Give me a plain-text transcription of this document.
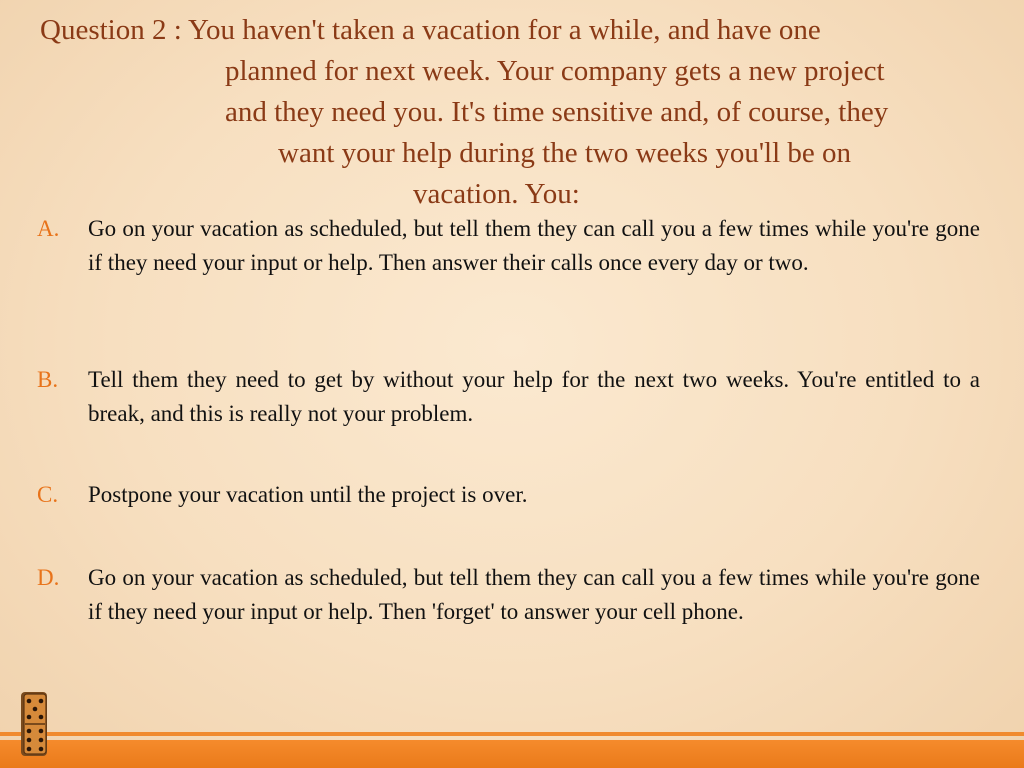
Question 2 : You haven't taken a vacation for a while, and have one
planned for next week. Your company gets a new project
and they need you. It's time sensitive and, of course, they
want your help during the two weeks you'll be on
vacation. You:
A. Go on your vacation as scheduled, but tell them they can call you a few times while you're gone if they need your input or help. Then answer their calls once every day or two.
B. Tell them they need to get by without your help for the next two weeks. You're entitled to a break, and this is really not your problem.
C. Postpone your vacation until the project is over.
D. Go on your vacation as scheduled, but tell them they can call you a few times while you're gone if they need your input or help. Then 'forget' to answer your cell phone.
